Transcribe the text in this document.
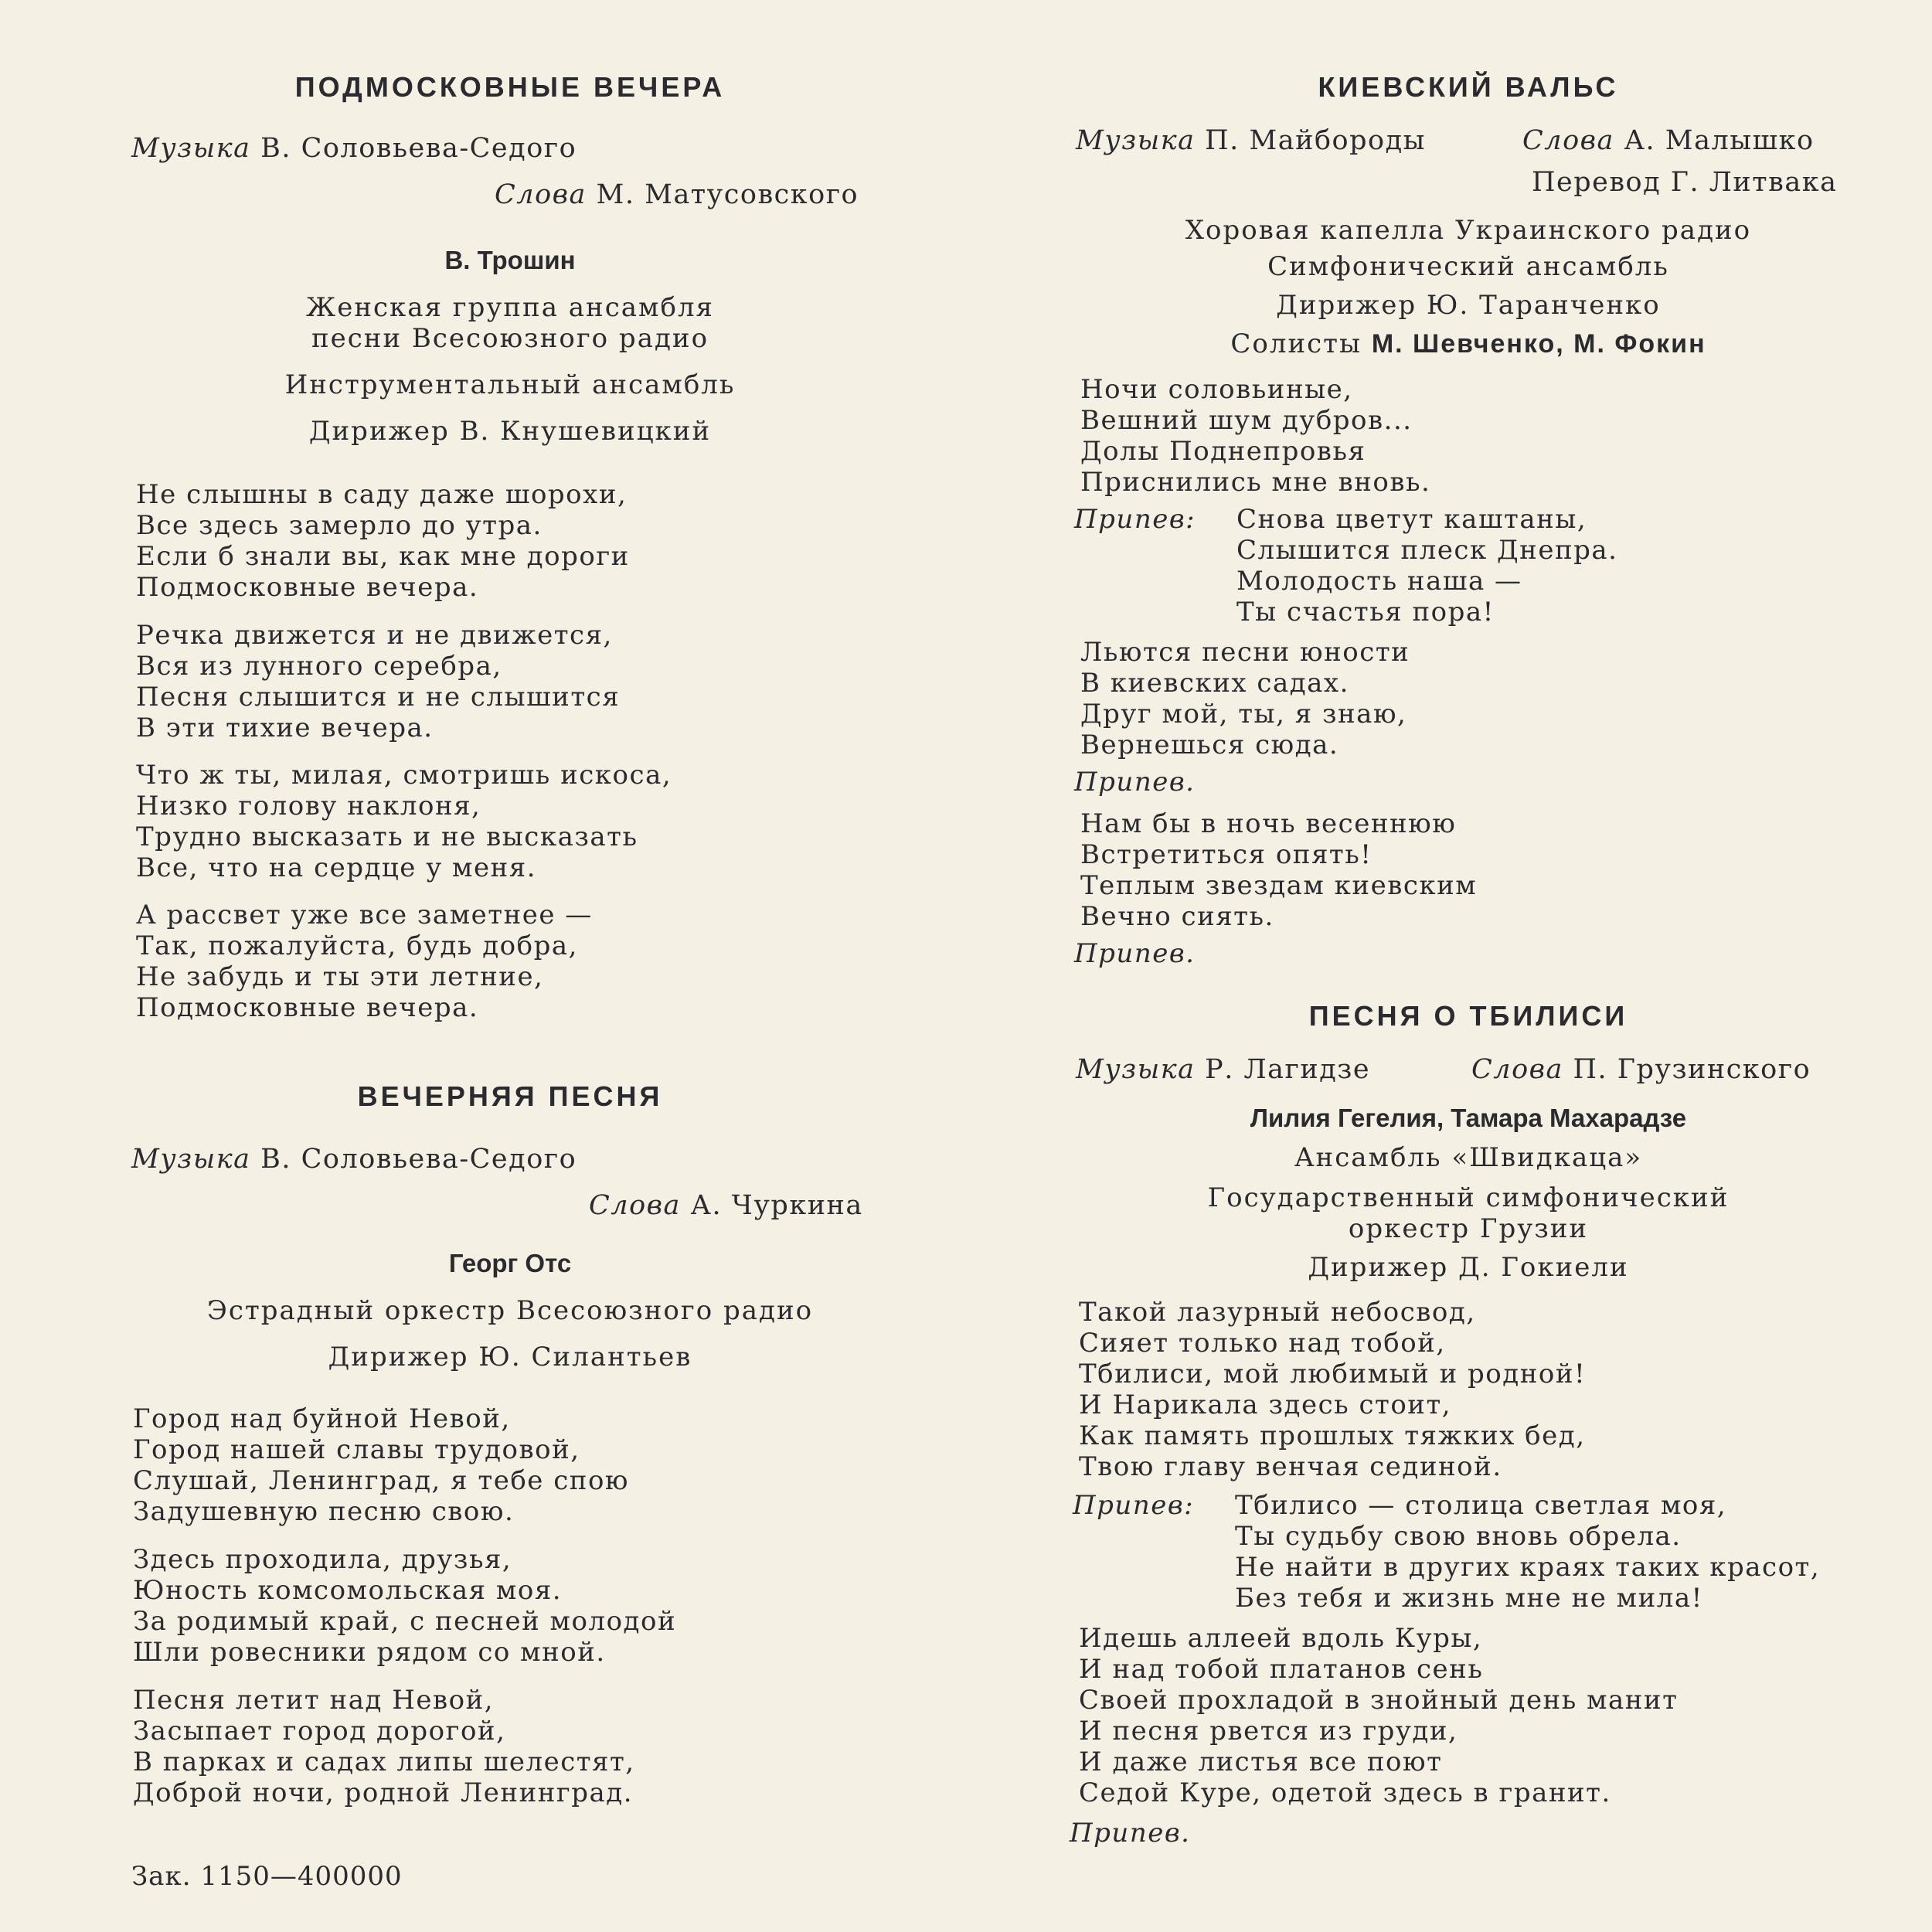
ПОДМОСКОВНЫЕ ВЕЧЕРА
Музыка В. Соловьева-Седого
Слова М. Матусовского
В. Трошин
Женская группа ансамбля
песни Всесоюзного радио
Инструментальный ансамбль
Дирижер В. Кнушевицкий
Не слышны в саду даже шорохи,
Все здесь замерло до утра.
Если б знали вы, как мне дороги
Подмосковные вечера.
Речка движется и не движется,
Вся из лунного серебра,
Песня слышится и не слышится
В эти тихие вечера.
Что ж ты, милая, смотришь искоса,
Низко голову наклоня,
Трудно высказать и не высказать
Все, что на сердце у меня.
А рассвет уже все заметнее —
Так, пожалуйста, будь добра,
Не забудь и ты эти летние,
Подмосковные вечера.
ВЕЧЕРНЯЯ ПЕСНЯ
Музыка В. Соловьева-Седого
Слова А. Чуркина
Георг Отс
Эстрадный оркестр Всесоюзного радио
Дирижер Ю. Силантьев
Город над буйной Невой,
Город нашей славы трудовой,
Слушай, Ленинград, я тебе спою
Задушевную песню свою.
Здесь проходила, друзья,
Юность комсомольская моя.
За родимый край, с песней молодой
Шли ровесники рядом со мной.
Песня летит над Невой,
Засыпает город дорогой,
В парках и садах липы шелестят,
Доброй ночи, родной Ленинград.
Зак. 1150—400000
КИЕВСКИЙ ВАЛЬС
Музыка П. Майбороды	Слова А. Малышко
Перевод Г. Литвака
Хоровая капелла Украинского радио
Симфонический ансамбль
Дирижер Ю. Таранченко
Солисты М. Шевченко, М. Фокин
Ночи соловьиные,
Вешний шум дубров...
Долы Поднепровья
Приснились мне вновь.
Припев: Снова цветут каштаны,
Слышится плеск Днепра.
Молодость наша —
Ты счастья пора!
Льются песни юности
В киевских садах.
Друг мой, ты, я знаю,
Вернешься сюда.
Припев.
Нам бы в ночь весеннюю
Встретиться опять!
Теплым звездам киевским
Вечно сиять.
Припев.
ПЕСНЯ О ТБИЛИСИ
Музыка Р. Лагидзе	Слова П. Грузинского
Лилия Гегелия, Тамара Махарадзе
Ансамбль «Швидкаца»
Государственный симфонический
оркестр Грузии
Дирижер Д. Гокиели
Такой лазурный небосвод,
Сияет только над тобой,
Тбилиси, мой любимый и родной!
И Нарикала здесь стоит,
Как память прошлых тяжких бед,
Твою главу венчая сединой.
Припев: Тбилисо — столица светлая моя,
Ты судьбу свою вновь обрела.
Не найти в других краях таких красот,
Без тебя и жизнь мне не мила!
Идешь аллеей вдоль Куры,
И над тобой платанов сень
Своей прохладой в знойный день манит
И песня рвется из груди,
И даже листья все поют
Седой Куре, одетой здесь в гранит.
Припев.
